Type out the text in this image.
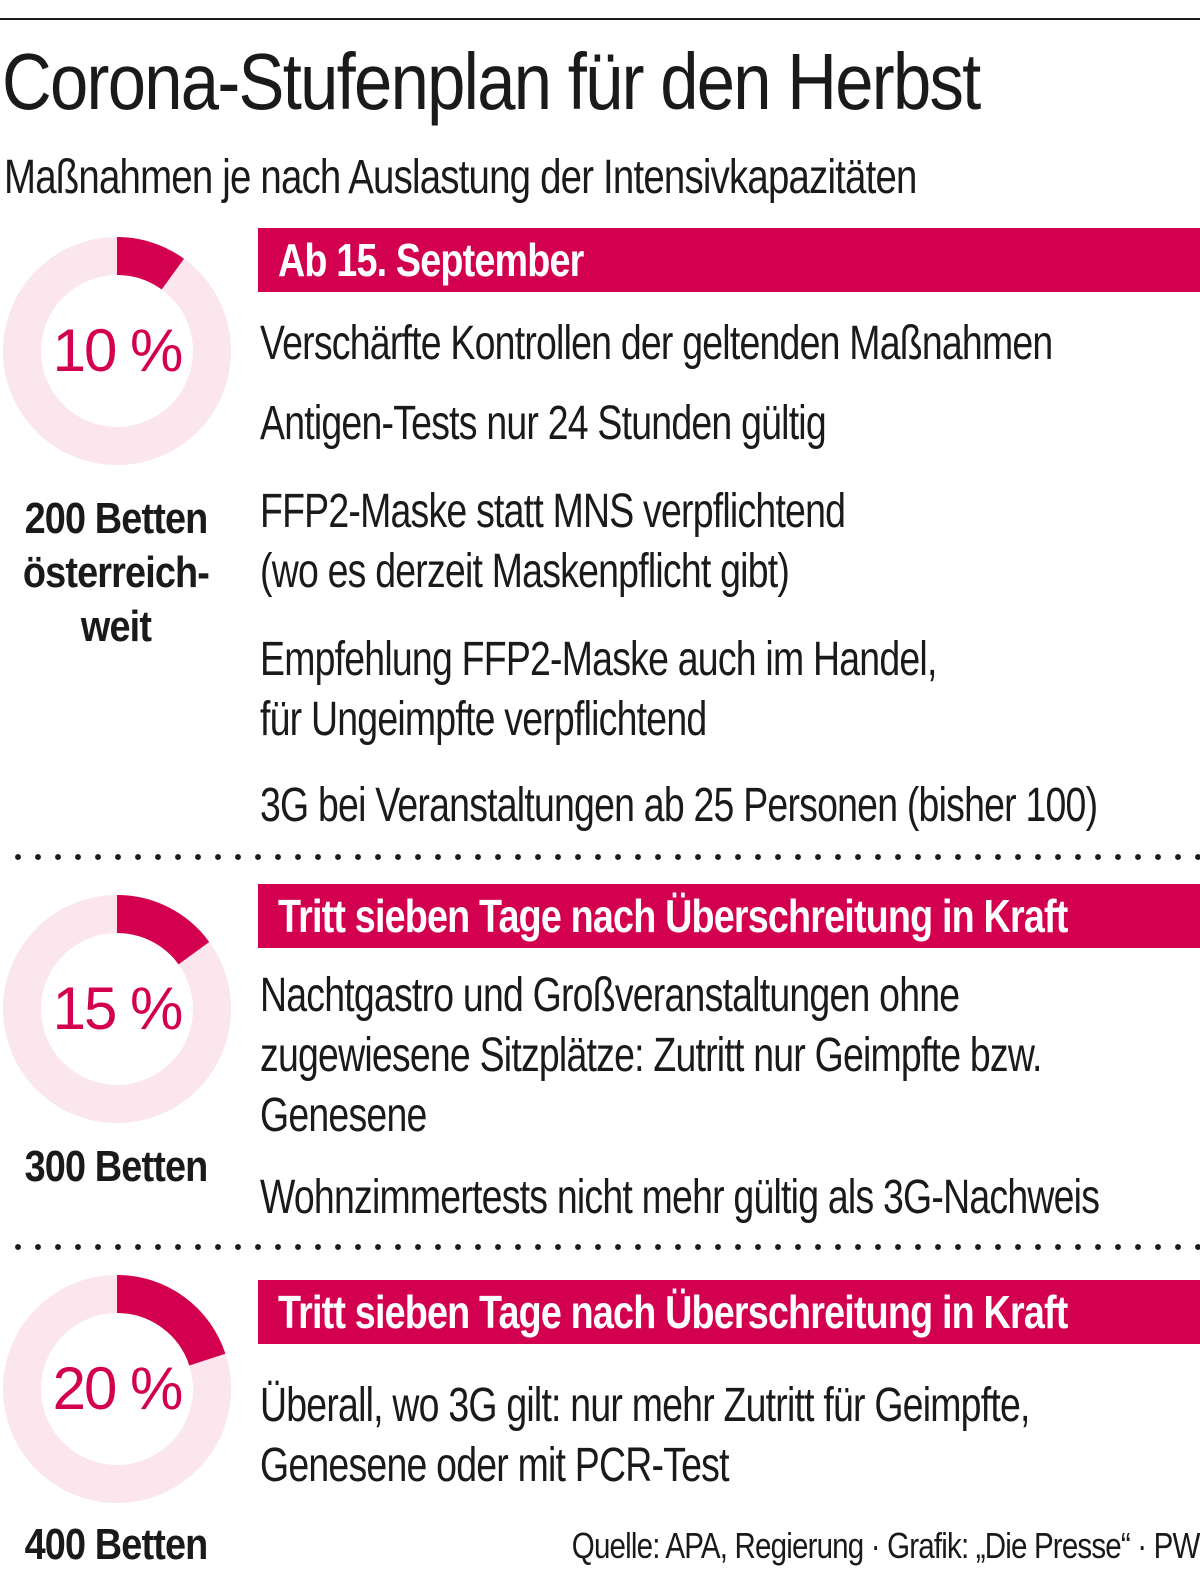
Corona-Stufenplan für den Herbst
Maßnahmen je nach Auslastung der Intensivkapazitäten
10 %
200 Betten
österreich-
weit
Ab 15. September
Verschärfte Kontrollen der geltenden Maßnahmen
Antigen-Tests nur 24 Stunden gültig
FFP2-Maske statt MNS verpflichtend
(wo es derzeit Maskenpflicht gibt)
Empfehlung FFP2-Maske auch im Handel,
für Ungeimpfte verpflichtend
3G bei Veranstaltungen ab 25 Personen (bisher 100)
15 %
300 Betten
Tritt sieben Tage nach Überschreitung in Kraft
Nachtgastro und Großveranstaltungen ohne
zugewiesene Sitzplätze: Zutritt nur Geimpfte bzw.
Genesene
Wohnzimmertests nicht mehr gültig als 3G-Nachweis
20 %
400 Betten
Tritt sieben Tage nach Überschreitung in Kraft
Überall, wo 3G gilt: nur mehr Zutritt für Geimpfte,
Genesene oder mit PCR-Test
Quelle: APA, Regierung · Grafik: „Die Presse“ · PW
